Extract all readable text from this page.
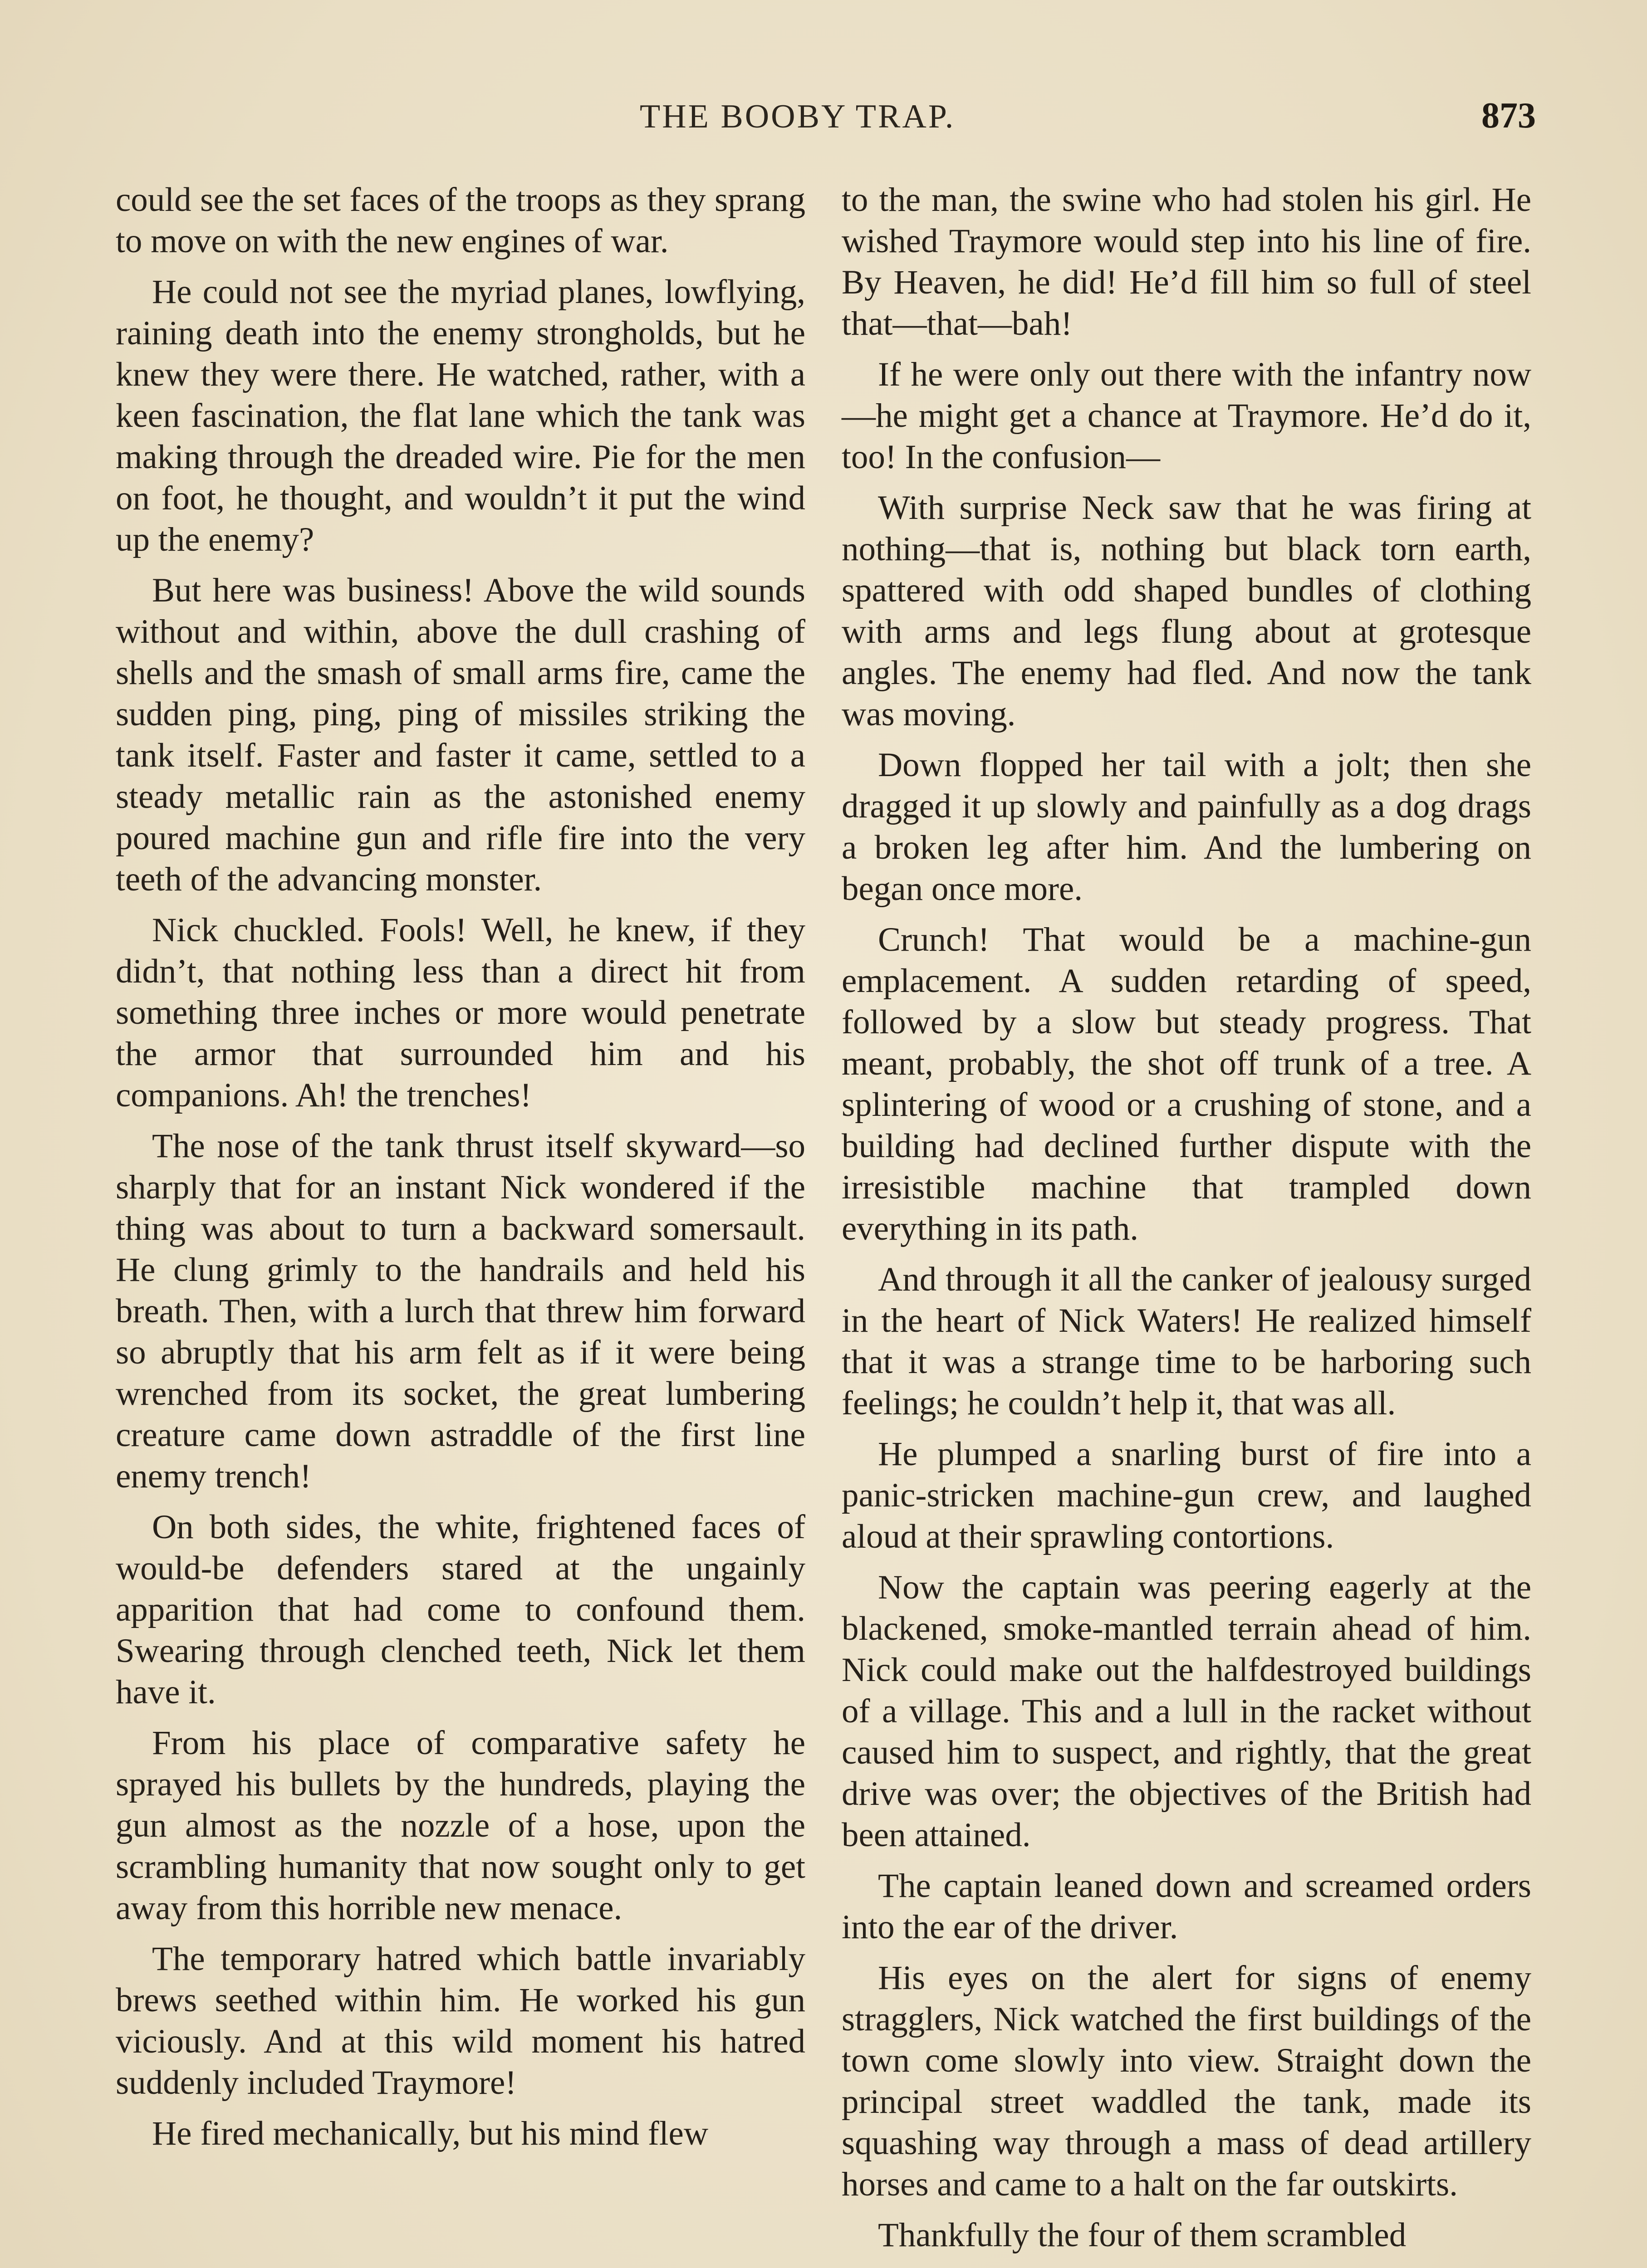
THE BOOBY TRAP.	873

could see the set faces of the troops as they sprang to move on with the new engines of war.

He could not see the myriad planes, lowflying, raining death into the enemy strongholds, but he knew they were there. He watched, rather, with a keen fascination, the flat lane which the tank was making through the dreaded wire. Pie for the men on foot, he thought, and wouldn’t it put the wind up the enemy?

But here was business! Above the wild sounds without and within, above the dull crashing of shells and the smash of small arms fire, came the sudden ping, ping, ping of missiles striking the tank itself. Faster and faster it came, settled to a steady metallic rain as the astonished enemy poured machine gun and rifle fire into the very teeth of the advancing monster.

Nick chuckled. Fools! Well, he knew, if they didn’t, that nothing less than a direct hit from something three inches or more would penetrate the armor that surrounded him and his companions. Ah! the trenches!

The nose of the tank thrust itself skyward—so sharply that for an instant Nick wondered if the thing was about to turn a backward somersault. He clung grimly to the handrails and held his breath. Then, with a lurch that threw him forward so abruptly that his arm felt as if it were being wrenched from its socket, the great lumbering creature came down astraddle of the first line enemy trench!

On both sides, the white, frightened faces of would-be defenders stared at the ungainly apparition that had come to confound them. Swearing through clenched teeth, Nick let them have it.

From his place of comparative safety he sprayed his bullets by the hundreds, playing the gun almost as the nozzle of a hose, upon the scrambling humanity that now sought only to get away from this horrible new menace.

The temporary hatred which battle invariably brews seethed within him. He worked his gun viciously. And at this wild moment his hatred suddenly included Traymore!

He fired mechanically, but his mind flew

to the man, the swine who had stolen his girl. He wished Traymore would step into his line of fire. By Heaven, he did! He’d fill him so full of steel that—that—bah!

If he were only out there with the infantry now—he might get a chance at Traymore. He’d do it, too! In the confusion—

With surprise Neck saw that he was firing at nothing—that is, nothing but black torn earth, spattered with odd shaped bundles of clothing with arms and legs flung about at grotesque angles. The enemy had fled. And now the tank was moving.

Down flopped her tail with a jolt; then she dragged it up slowly and painfully as a dog drags a broken leg after him. And the lumbering on began once more.

Crunch! That would be a machine-gun emplacement. A sudden retarding of speed, followed by a slow but steady progress. That meant, probably, the shot off trunk of a tree. A splintering of wood or a crushing of stone, and a building had declined further dispute with the irresistible machine that trampled down everything in its path.

And through it all the canker of jealousy surged in the heart of Nick Waters! He realized himself that it was a strange time to be harboring such feelings; he couldn’t help it, that was all.

He plumped a snarling burst of fire into a panic-stricken machine-gun crew, and laughed aloud at their sprawling contortions.

Now the captain was peering eagerly at the blackened, smoke-mantled terrain ahead of him. Nick could make out the halfdestroyed buildings of a village. This and a lull in the racket without caused him to suspect, and rightly, that the great drive was over; the objectives of the British had been attained.

The captain leaned down and screamed orders into the ear of the driver.

His eyes on the alert for signs of enemy stragglers, Nick watched the first buildings of the town come slowly into view. Straight down the principal street waddled the tank, made its squashing way through a mass of dead artillery horses and came to a halt on the far outskirts.

Thankfully the four of them scrambled
